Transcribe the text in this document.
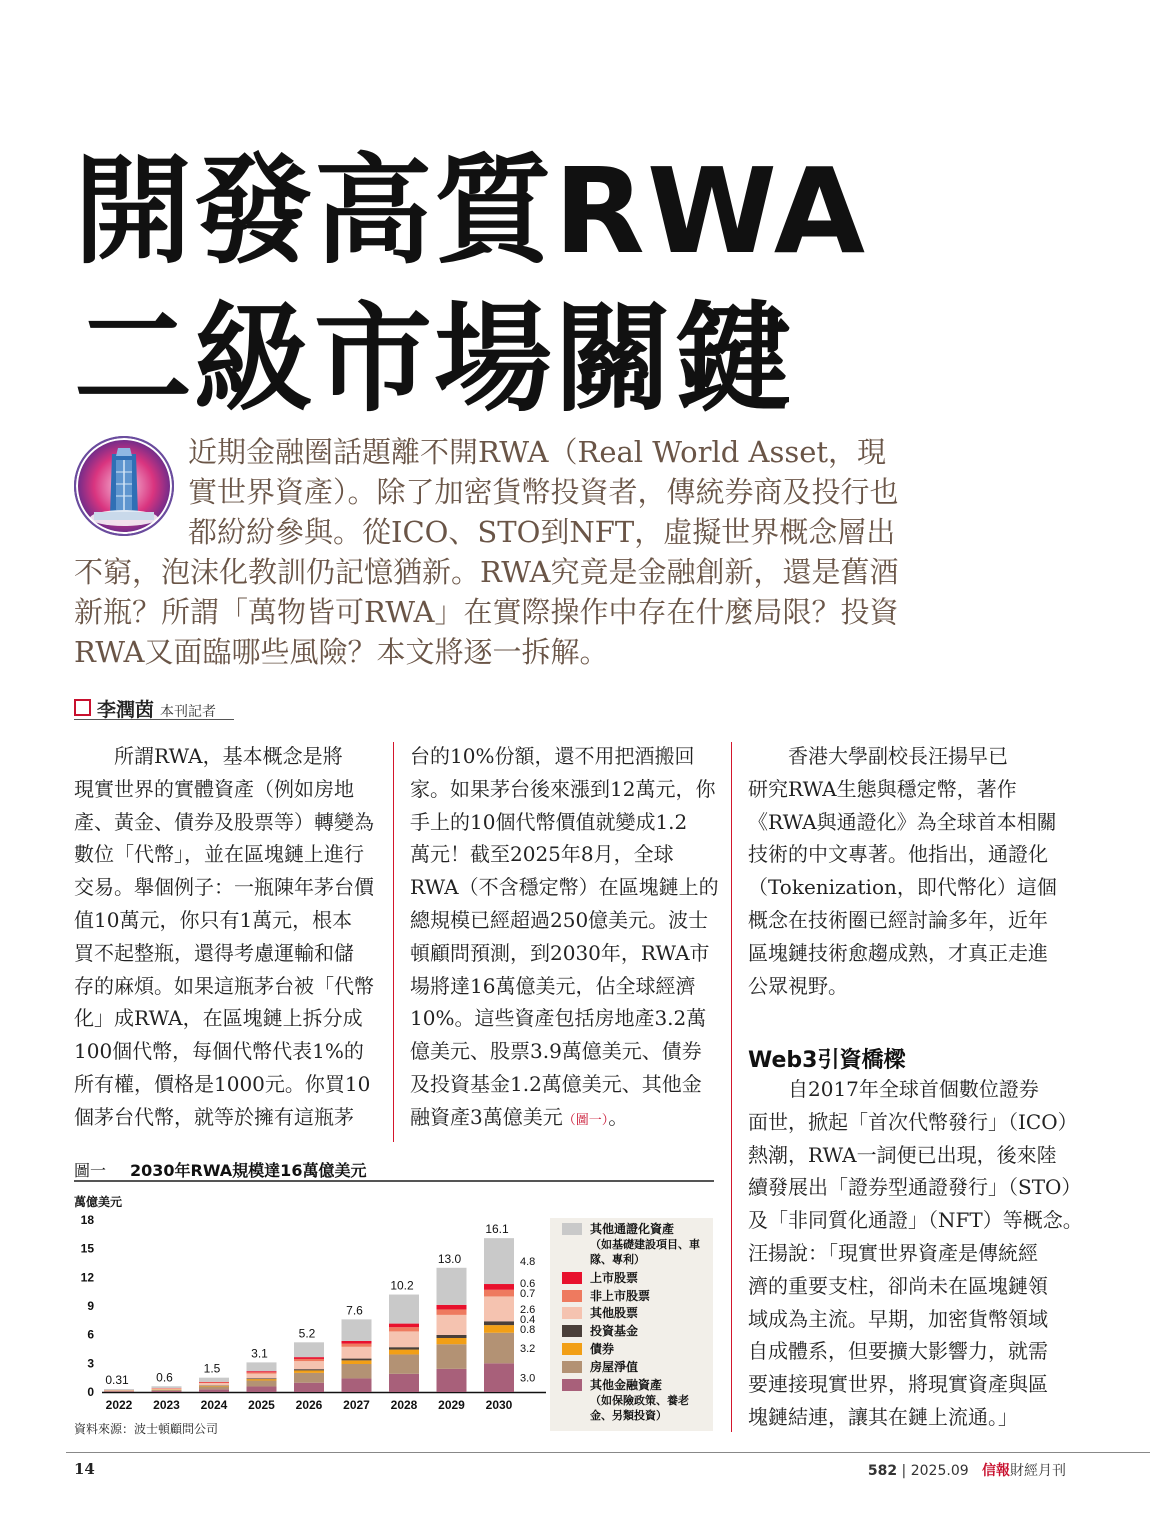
開發高質RWA
二級市場關鍵
近期金融圈話題離不開RWA（Real World Asset，現
實世界資產）。除了加密貨幣投資者，傳統券商及投行也
都紛紛參與。從ICO、STO到NFT，虛擬世界概念層出
不窮，泡沫化教訓仍記憶猶新。RWA究竟是金融創新，還是舊酒
新瓶？所謂「萬物皆可RWA」在實際操作中存在什麼局限？投資
RWA又面臨哪些風險？本文將逐一拆解。
李潤茵 本刊記者
　　所謂RWA，基本概念是將
現實世界的實體資產（例如房地
產、黃金、債券及股票等）轉變為
數位「代幣」，並在區塊鏈上進行
交易。舉個例子：一瓶陳年茅台價
值10萬元，你只有1萬元，根本
買不起整瓶，還得考慮運輸和儲
存的麻煩。如果這瓶茅台被「代幣
化」成RWA，在區塊鏈上拆分成
100個代幣，每個代幣代表1%的
所有權，價格是1000元。你買10
個茅台代幣，就等於擁有這瓶茅
台的10%份額，還不用把酒搬回
家。如果茅台後來漲到12萬元，你
手上的10個代幣價值就變成1.2
萬元！截至2025年8月，全球
RWA（不含穩定幣）在區塊鏈上的
總規模已經超過250億美元。波士
頓顧問預測，到2030年，RWA市
場將達16萬億美元，佔全球經濟
10%。這些資產包括房地產3.2萬
億美元、股票3.9萬億美元、債券
及投資基金1.2萬億美元、其他金
融資產3萬億美元（圖一）。
　　香港大學副校長汪揚早已
研究RWA生態與穩定幣，著作
《RWA與通證化》為全球首本相關
技術的中文專著。他指出，通證化
（Tokenization，即代幣化）這個
概念在技術圈已經討論多年，近年
區塊鏈技術愈趨成熟，才真正走進
公眾視野。
Web3引資橋樑
　　自2017年全球首個數位證券
面世，掀起「首次代幣發行」（ICO）
熱潮，RWA一詞便已出現，後來陸
續發展出「證券型通證發行」（STO）
及「非同質化通證」（NFT）等概念。
汪揚說：「現實世界資產是傳統經
濟的重要支柱，卻尚未在區塊鏈領
域成為主流。早期，加密貨幣領域
自成體系，但要擴大影響力，就需
要連接現實世界，將現實資產與區
塊鏈結連，讓其在鏈上流通。」
圖一 2030年RWA規模達16萬億美元
萬億美元
0
3
6
9
12
15
18
2022
0.31
2023
0.6
2024
1.5
2025
3.1
2026
5.2
2027
7.6
2028
10.2
2029
13.0
2030
16.1
3.0
3.2
0.8
0.4
2.6
0.7
0.6
4.8
其他通證化資產
（如基礎建設項目、車隊、專利）
上市股票
非上市股票
其他股票
投資基金
債券
房屋淨值
其他金融資產
（如保險政策、養老金、另類投資）
資料來源：波士頓顧問公司
14	582 | 2025.09 信報財經月刊
